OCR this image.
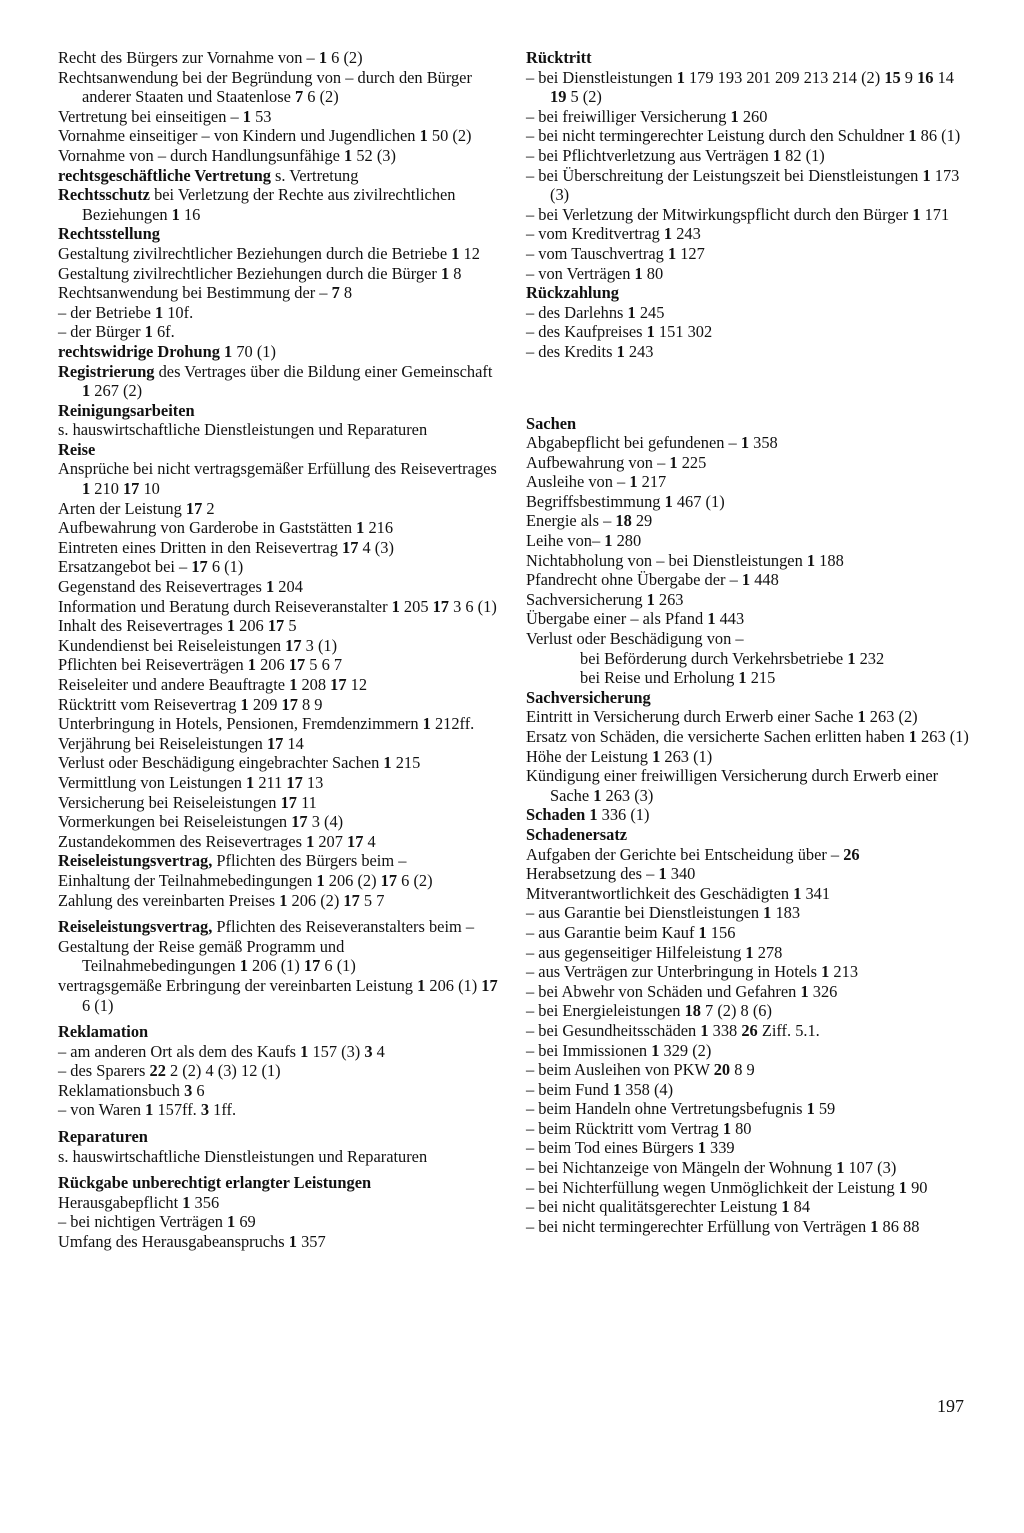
Recht des Bürgers zur Vornahme von – 1 6 (2)
Rechtsanwendung bei der Begründung von – durch den Bürger anderer Staaten und Staatenlose 7 6 (2)
Vertretung bei einseitigen – 1 53
Vornahme einseitiger – von Kindern und Jugendlichen 1 50 (2)
Vornahme von – durch Handlungsunfähige 1 52 (3)
rechtsgeschäftliche Vertretung s. Vertretung
Rechtsschutz bei Verletzung der Rechte aus zivilrechtlichen Beziehungen 1 16
Rechtsstellung
Gestaltung zivilrechtlicher Beziehungen durch die Betriebe 1 12
Gestaltung zivilrechtlicher Beziehungen durch die Bürger 1 8
Rechtsanwendung bei Bestimmung der – 7 8
– der Betriebe 1 10f.
– der Bürger 1 6f.
rechtswidrige Drohung 1 70 (1)
Registrierung des Vertrages über die Bildung einer Gemeinschaft 1 267 (2)
Reinigungsarbeiten
s. hauswirtschaftliche Dienstleistungen und Reparaturen
Reise
Ansprüche bei nicht vertragsgemäßer Erfüllung des Reisevertrages 1 210 17 10
Arten der Leistung 17 2
Aufbewahrung von Garderobe in Gaststätten 1 216
Eintreten eines Dritten in den Reisevertrag 17 4 (3)
Ersatzangebot bei – 17 6 (1)
Gegenstand des Reisevertrages 1 204
Information und Beratung durch Reiseveranstalter 1 205 17 3 6 (1)
Inhalt des Reisevertrages 1 206 17 5
Kundendienst bei Reiseleistungen 17 3 (1)
Pflichten bei Reiseverträgen 1 206 17 5 6 7
Reiseleiter und andere Beauftragte 1 208 17 12
Rücktritt vom Reisevertrag 1 209 17 8 9
Unterbringung in Hotels, Pensionen, Fremdenzimmern 1 212ff.
Verjährung bei Reiseleistungen 17 14
Verlust oder Beschädigung eingebrachter Sachen 1 215
Vermittlung von Leistungen 1 211 17 13
Versicherung bei Reiseleistungen 17 11
Vormerkungen bei Reiseleistungen 17 3 (4)
Zustandekommen des Reisevertrages 1 207 17 4
Reiseleistungsvertrag, Pflichten des Bürgers beim –
Einhaltung der Teilnahmebedingungen 1 206 (2) 17 6 (2)
Zahlung des vereinbarten Preises 1 206 (2) 17 5 7
Reiseleistungsvertrag, Pflichten des Reiseveranstalters beim –
Gestaltung der Reise gemäß Programm und Teilnahmebedingungen 1 206 (1) 17 6 (1)
vertragsgemäße Erbringung der vereinbarten Leistung 1 206 (1) 17 6 (1)
Reklamation
– am anderen Ort als dem des Kaufs 1 157 (3) 3 4
– des Sparers 22 2 (2) 4 (3) 12 (1)
Reklamationsbuch 3 6
– von Waren 1 157ff. 3 1ff.
Reparaturen
s. hauswirtschaftliche Dienstleistungen und Reparaturen
Rückgabe unberechtigt erlangter Leistungen
Herausgabepflicht 1 356
– bei nichtigen Verträgen 1 69
Umfang des Herausgabeanspruchs 1 357
Rücktritt
– bei Dienstleistungen 1 179 193 201 209 213 214 (2) 15 9 16 14 19 5 (2)
– bei freiwilliger Versicherung 1 260
– bei nicht termingerechter Leistung durch den Schuldner 1 86 (1)
– bei Pflichtverletzung aus Verträgen 1 82 (1)
– bei Überschreitung der Leistungszeit bei Dienstleistungen 1 173 (3)
– bei Verletzung der Mitwirkungspflicht durch den Bürger 1 171
– vom Kreditvertrag 1 243
– vom Tauschvertrag 1 127
– von Verträgen 1 80
Rückzahlung
– des Darlehns 1 245
– des Kaufpreises 1 151 302
– des Kredits 1 243
Sachen
Abgabepflicht bei gefundenen – 1 358
Aufbewahrung von – 1 225
Ausleihe von – 1 217
Begriffsbestimmung 1 467 (1)
Energie als – 18 29
Leihe von– 1 280
Nichtabholung von – bei Dienstleistungen 1 188
Pfandrecht ohne Übergabe der – 1 448
Sachversicherung 1 263
Übergabe einer – als Pfand 1 443
Verlust oder Beschädigung von –
bei Beförderung durch Verkehrsbetriebe 1 232
bei Reise und Erholung 1 215
Sachversicherung
Eintritt in Versicherung durch Erwerb einer Sache 1 263 (2)
Ersatz von Schäden, die versicherte Sachen erlitten haben 1 263 (1)
Höhe der Leistung 1 263 (1)
Kündigung einer freiwilligen Versicherung durch Erwerb einer Sache 1 263 (3)
Schaden 1 336 (1)
Schadenersatz
Aufgaben der Gerichte bei Entscheidung über – 26
Herabsetzung des – 1 340
Mitverantwortlichkeit des Geschädigten 1 341
– aus Garantie bei Dienstleistungen 1 183
– aus Garantie beim Kauf 1 156
– aus gegenseitiger Hilfeleistung 1 278
– aus Verträgen zur Unterbringung in Hotels 1 213
– bei Abwehr von Schäden und Gefahren 1 326
– bei Energieleistungen 18 7 (2) 8 (6)
– bei Gesundheitsschäden 1 338 26 Ziff. 5.1.
– bei Immissionen 1 329 (2)
– beim Ausleihen von PKW 20 8 9
– beim Fund 1 358 (4)
– beim Handeln ohne Vertretungsbefugnis 1 59
– beim Rücktritt vom Vertrag 1 80
– beim Tod eines Bürgers 1 339
– bei Nichtanzeige von Mängeln der Wohnung 1 107 (3)
– bei Nichterfüllung wegen Unmöglichkeit der Leistung 1 90
– bei nicht qualitätsgerechter Leistung 1 84
– bei nicht termingerechter Erfüllung von Verträgen 1 86 88
197
